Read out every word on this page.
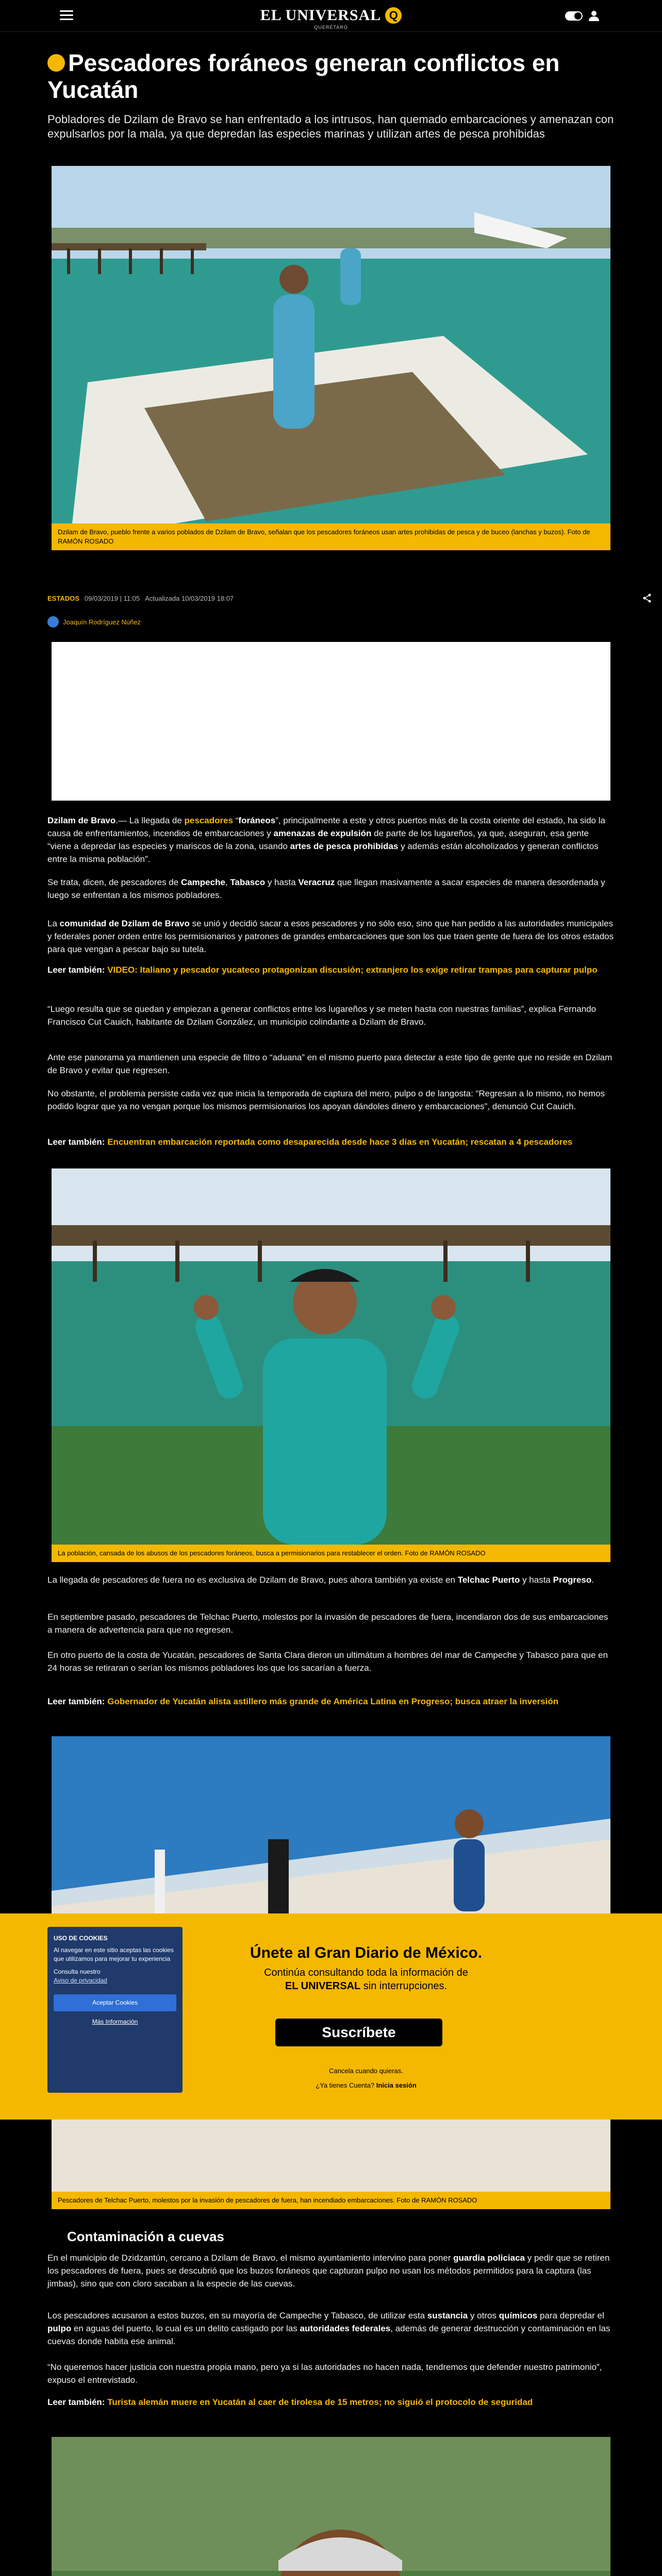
EL UNIVERSAL Q
QUERÉTARO
Pescadores foráneos generan conflictos en Yucatán

Pobladores de Dzilam de Bravo se han enfrentado a los intrusos, han quemado embarcaciones y amenazan con expulsarlos por la mala, ya que depredan las especies marinas y utilizan artes de pesca prohibidas

Dzilam de Bravo, pueblo frente a varios poblados de Dzilam de Bravo, señalan que los pescadores foráneos usan artes prohibidas de pesca y de buceo (lanchas y buzos). Foto de RAMÓN ROSADO
ESTADOS 09/03/2019 | 11:05 Actualizada 10/03/2019 18:07
Joaquín Rodríguez Núñez

Dzilam de Bravo.— La llegada de pescadores “foráneos”, principalmente a este y otros puertos más de la costa oriente del estado, ha sido la causa de enfrentamientos, incendios de embarcaciones y amenazas de expulsión de parte de los lugareños, ya que, aseguran, esa gente “viene a depredar las especies y mariscos de la zona, usando artes de pesca prohibidas y además están alcoholizados y generan conflictos entre la misma población”.

Se trata, dicen, de pescadores de Campeche, Tabasco y hasta Veracruz que llegan masivamente a sacar especies de manera desordenada y luego se enfrentan a los mismos pobladores.

La comunidad de Dzilam de Bravo se unió y decidió sacar a esos pescadores y no sólo eso, sino que han pedido a las autoridades municipales y federales poner orden entre los permisionarios y patrones de grandes embarcaciones que son los que traen gente de fuera de los otros estados para que vengan a pescar bajo su tutela.

Leer también: VIDEO: Italiano y pescador yucateco protagonizan discusión; extranjero los exige retirar trampas para capturar pulpo

“Luego resulta que se quedan y empiezan a generar conflictos entre los lugareños y se meten hasta con nuestras familias”, explica Fernando Francisco Cut Cauich, habitante de Dzilam González, un municipio colindante a Dzilam de Bravo.

Ante ese panorama ya mantienen una especie de filtro o “aduana” en el mismo puerto para detectar a este tipo de gente que no reside en Dzilam de Bravo y evitar que regresen.

No obstante, el problema persiste cada vez que inicia la temporada de captura del mero, pulpo o de langosta: “Regresan a lo mismo, no hemos podido lograr que ya no vengan porque los mismos permisionarios los apoyan dándoles dinero y embarcaciones”, denunció Cut Cauich.

Leer también: Encuentran embarcación reportada como desaparecida desde hace 3 días en Yucatán; rescatan a 4 pescadores

La población, cansada de los abusos de los pescadores foráneos, busca a permisionarios para restablecer el orden. Foto de RAMÓN ROSADO

La llegada de pescadores de fuera no es exclusiva de Dzilam de Bravo, pues ahora también ya existe en Telchac Puerto y hasta Progreso.

En septiembre pasado, pescadores de Telchac Puerto, molestos por la invasión de pescadores de fuera, incendiaron dos de sus embarcaciones a manera de advertencia para que no regresen.

En otro puerto de la costa de Yucatán, pescadores de Santa Clara dieron un ultimátum a hombres del mar de Campeche y Tabasco para que en 24 horas se retiraran o serían los mismos pobladores los que los sacarían a fuerza.

Leer también: Gobernador de Yucatán alista astillero más grande de América Latina en Progreso; busca atraer la inversión

Pescadores de Telchac Puerto, molestos por la invasión de pescadores de fuera, han incendiado embarcaciones. Foto de RAMÓN ROSADO
Únete al Gran Diario de México.
Continúa consultando toda la información de
EL UNIVERSAL sin interrupciones.
Suscríbete
Cancela cuando quieras.
¿Ya tienes Cuenta? Inicia sesión
USO DE COOKIES
Al navegar en este sitio aceptas las cookies que utilizamos para mejorar tu experiencia
Consulta nuestro
Aviso de privacidad
Aceptar Cookies
Más Información
Contaminación a cuevas

En el municipio de Dzidzantún, cercano a Dzilam de Bravo, el mismo ayuntamiento intervino para poner guardia policiaca y pedir que se retiren los pescadores de fuera, pues se descubrió que los buzos foráneos que capturan pulpo no usan los métodos permitidos para la captura (las jimbas), sino que con cloro sacaban a la especie de las cuevas.

Los pescadores acusaron a estos buzos, en su mayoría de Campeche y Tabasco, de utilizar esta sustancia y otros químicos para depredar el pulpo en aguas del puerto, lo cual es un delito castigado por las autoridades federales, además de generar destrucción y contaminación en las cuevas donde habita ese animal.

“No queremos hacer justicia con nuestra propia mano, pero ya si las autoridades no hacen nada, tendremos que defender nuestro patrimonio”, expuso el entrevistado.

Leer también: Turista alemán muere en Yucatán al caer de tirolesa de 15 metros; no siguió el protocolo de seguridad
